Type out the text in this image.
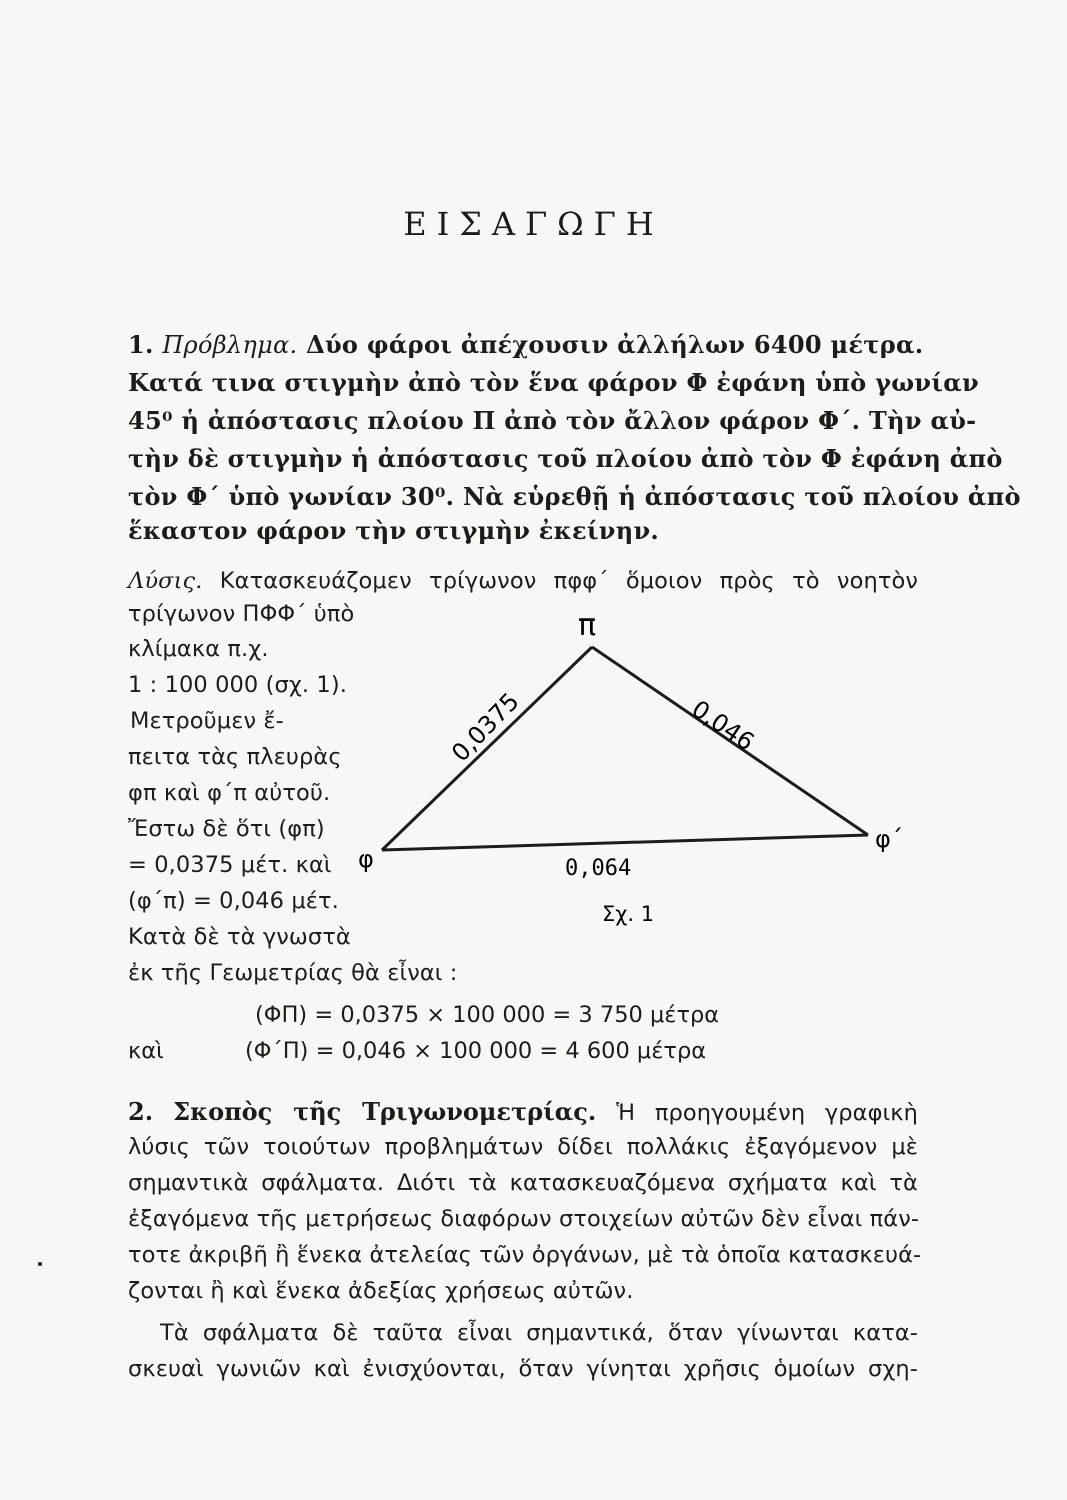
ΕΙΣΑΓΩΓΗ
1. Πρόβλημα. Δύο φάροι ἀπέχουσιν ἀλλήλων 6400 μέτρα.
Κατά τινα στιγμὴν ἀπὸ τὸν ἕνα φάρον Φ ἐφάνη ὑπὸ γωνίαν
45⁰ ἡ ἀπόστασις πλοίου Π ἀπὸ τὸν ἄλλον φάρον Φ΄. Τὴν αὐ-
τὴν δὲ στιγμὴν ἡ ἀπόστασις τοῦ πλοίου ἀπὸ τὸν Φ ἐφάνη ἀπὸ
τὸν Φ΄ ὑπὸ γωνίαν 30⁰. Νὰ εὑρεθῇ ἡ ἀπόστασις τοῦ πλοίου ἀπὸ
ἕκαστον φάρον τὴν στιγμὴν ἐκείνην.
Λύσις. Κατασκευάζομεν τρίγωνον πφφ΄ ὅμοιον πρὸς τὸ νοητὸν
τρίγωνον ΠΦΦ΄ ὑπὸ
κλίμακα π.χ.
1 : 100 000 (σχ. 1).
Μετροῦμεν ἔ-
πειτα τὰς πλευρὰς
φπ καὶ φ΄π αὐτοῦ.
Ἔστω δὲ ὅτι (φπ)
= 0,0375 μέτ. καὶ
(φ΄π) = 0,046 μέτ.
Κατὰ δὲ τὰ γνωστὰ
ἐκ τῆς Γεωμετρίας θὰ εἶναι :
(ΦΠ) = 0,0375 × 100 000 = 3 750 μέτρα
καὶ	(Φ΄Π) = 0,046 × 100 000 = 4 600 μέτρα
π
φ
φ΄
0,0375	0,046
0,064
Σχ. 1
2. Σκοπὸς τῆς Τριγωνομετρίας. Ἡ προηγουμένη γραφικὴ
λύσις τῶν τοιούτων προβλημάτων δίδει πολλάκις ἐξαγόμενον μὲ
σημαντικὰ σφάλματα. Διότι τὰ κατασκευαζόμενα σχήματα καὶ τὰ
ἐξαγόμενα τῆς μετρήσεως διαφόρων στοιχείων αὐτῶν δὲν εἶναι πάν-
τοτε ἀκριβῆ ἢ ἕνεκα ἀτελείας τῶν ὀργάνων, μὲ τὰ ὁποῖα κατασκευά-
ζονται ἢ καὶ ἕνεκα ἀδεξίας χρήσεως αὐτῶν.
Τὰ σφάλματα δὲ ταῦτα εἶναι σημαντικά, ὅταν γίνωνται κατα-
σκευαὶ γωνιῶν καὶ ἐνισχύονται, ὅταν γίνηται χρῆσις ὁμοίων σχη-
